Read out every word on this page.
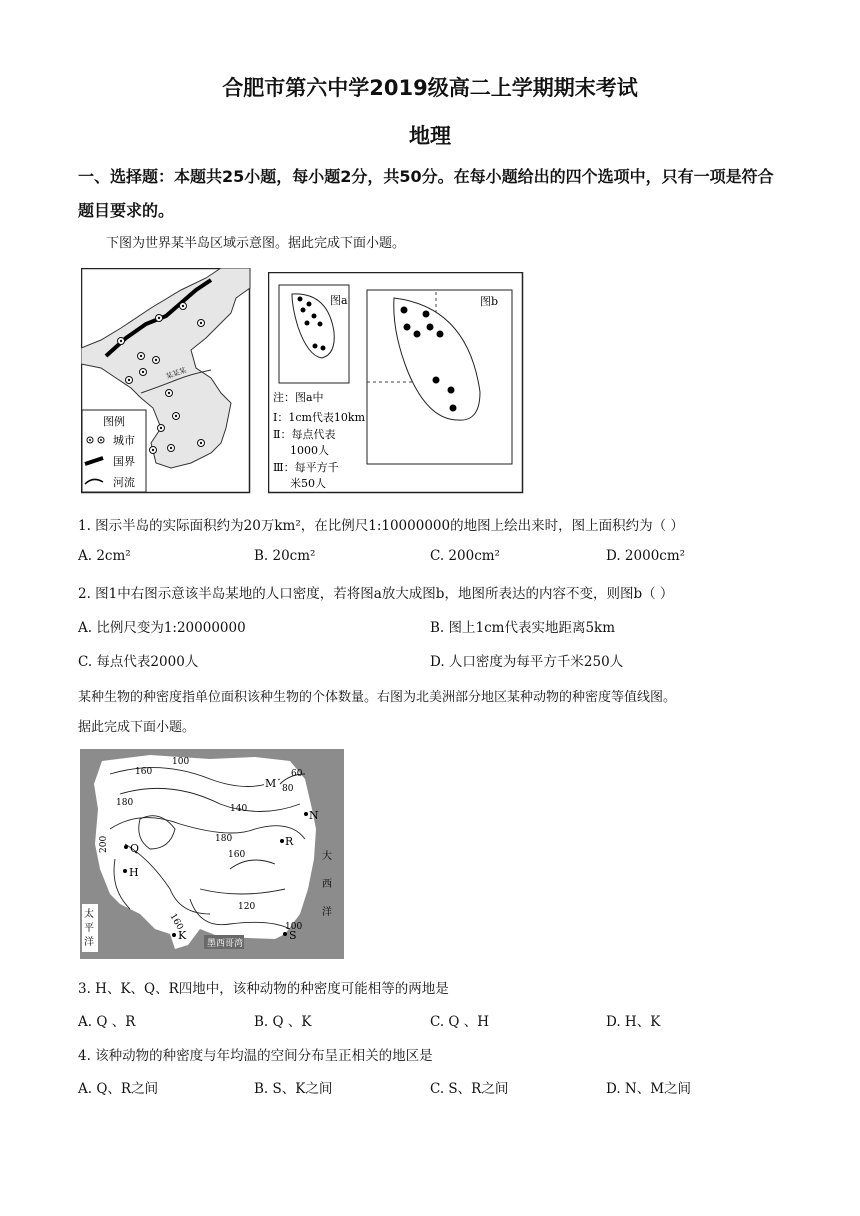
合肥市第六中学2019级高二上学期期末考试
地理
一、选择题：本题共25小题，每小题2分，共50分。在每小题给出的四个选项中，只有一项是符合题目要求的。
下图为世界某半岛区域示意图。据此完成下面小题。
某某某
图例
城市
国界
河流
图a	图b
注：图a中
Ⅰ：1cm代表10km
Ⅱ：每点代表
1000人
Ⅲ：每平方千
米50人
1. 图示半岛的实际面积约为20万km²，在比例尺1:10000000的地图上绘出来时，图上面积约为（ ）
A. 2cm²	B. 20cm²	C. 200cm²	D. 2000cm²
2. 图1中右图示意该半岛某地的人口密度，若将图a放大成图b，地图所表达的内容不变，则图b（ ）
A. 比例尺变为1:20000000	B. 图上1cm代表实地距离5km
C. 每点代表2000人	D. 人口密度为每平方千米250人
某种生物的种密度指单位面积该种生物的个体数量。右图为北美洲部分地区某种动物的种密度等值线图。
据此完成下面小题。
大
西
洋
太
平
洋	墨西哥湾
160
100
60
80
180
140
180
160
200
120
160	100
M
N
R
Q
H
K	S
3. H、K、Q、R四地中，该种动物的种密度可能相等的两地是
A. Q 、R	B. Q 、K	C. Q 、H	D. H、K
4. 该种动物的种密度与年均温的空间分布呈正相关的地区是
A. Q、R之间	B. S、K之间	C. S、R之间	D. N、M之间
